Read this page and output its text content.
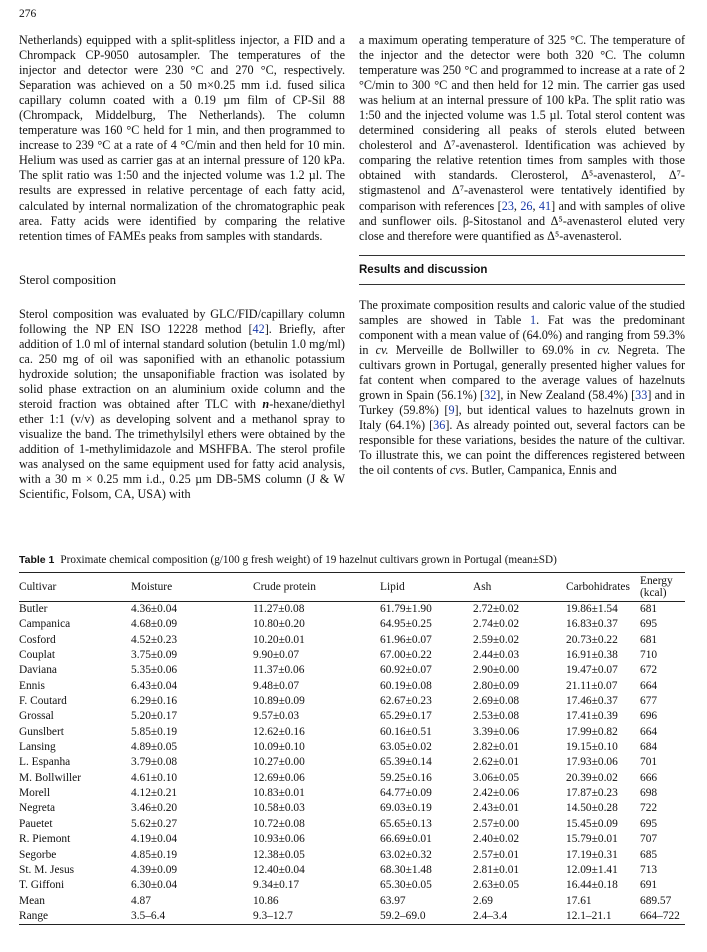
276

Netherlands) equipped with a split-splitless injector, a FID and a Chrompack CP-9050 autosampler. The temperatures of the injector and detector were 230 °C and 270 °C, respectively. Separation was achieved on a 50 m×0.25 mm i.d. fused silica capillary column coated with a 0.19 µm film of CP-Sil 88 (Chrompack, Middelburg, The Netherlands). The column temperature was 160 °C held for 1 min, and then programmed to increase to 239 °C at a rate of 4 °C/min and then held for 10 min. Helium was used as carrier gas at an internal pressure of 120 kPa. The split ratio was 1:50 and the injected volume was 1.2 µl. The results are expressed in relative percentage of each fatty acid, calculated by internal normalization of the chromatographic peak area. Fatty acids were identified by comparing the relative retention times of FAMEs peaks from samples with standards.

Sterol composition

Sterol composition was evaluated by GLC/FID/capillary column following the NP EN ISO 12228 method [42]. Briefly, after addition of 1.0 ml of internal standard solution (betulin 1.0 mg/ml) ca. 250 mg of oil was saponified with an ethanolic potassium hydroxide solution; the unsaponifiable fraction was isolated by solid phase extraction on an aluminium oxide column and the steroid fraction was obtained after TLC with n-hexane/diethyl ether 1:1 (v/v) as developing solvent and a methanol spray to visualize the band. The trimethylsilyl ethers were obtained by the addition of 1-methylimidazole and MSHFBA. The sterol profile was analysed on the same equipment used for fatty acid analysis, with a 30 m × 0.25 mm i.d., 0.25 µm DB-5MS column (J & W Scientific, Folsom, CA, USA) with

a maximum operating temperature of 325 °C. The temperature of the injector and the detector were both 320 °C. The column temperature was 250 °C and programmed to increase at a rate of 2 °C/min to 300 °C and then held for 12 min. The carrier gas used was helium at an internal pressure of 100 kPa. The split ratio was 1:50 and the injected volume was 1.5 µl. Total sterol content was determined considering all peaks of sterols eluted between cholesterol and Δ⁷-avenasterol. Identification was achieved by comparing the relative retention times from samples with those obtained with standards. Clerosterol, Δ⁵-avenasterol, Δ⁷-stigmastenol and Δ⁷-avenasterol were tentatively identified by comparison with references [23, 26, 41] and with samples of olive and sunflower oils. β-Sitostanol and Δ⁵-avenasterol eluted very close and therefore were quantified as Δ⁵-avenasterol.

Results and discussion

The proximate composition results and caloric value of the studied samples are showed in Table 1. Fat was the predominant component with a mean value of (64.0%) and ranging from 59.3% in cv. Merveille de Bollwiller to 69.0% in cv. Negreta. The cultivars grown in Portugal, generally presented higher values for fat content when compared to the average values of hazelnuts grown in Spain (56.1%) [32], in New Zealand (58.4%) [33] and in Turkey (59.8%) [9], but identical values to hazelnuts grown in Italy (64.1%) [36]. As already pointed out, several factors can be responsible for these variations, besides the nature of the cultivar. To illustrate this, we can point the differences registered between the oil contents of cvs. Butler, Campanica, Ennis and

Table 1 Proximate chemical composition (g/100 g fresh weight) of 19 hazelnut cultivars grown in Portugal (mean±SD)

Cultivar	Moisture	Crude protein	Lipid	Ash	Carbohidrates	Energy (kcal)
Butler	4.36±0.04	11.27±0.08	61.79±1.90	2.72±0.02	19.86±1.54	681
Campanica	4.68±0.09	10.80±0.20	64.95±0.25	2.74±0.02	16.83±0.37	695
Cosford	4.52±0.23	10.20±0.01	61.96±0.07	2.59±0.02	20.73±0.22	681
Couplat	3.75±0.09	9.90±0.07	67.00±0.22	2.44±0.03	16.91±0.38	710
Daviana	5.35±0.06	11.37±0.06	60.92±0.07	2.90±0.00	19.47±0.07	672
Ennis	6.43±0.04	9.48±0.07	60.19±0.08	2.80±0.09	21.11±0.07	664
F. Coutard	6.29±0.16	10.89±0.09	62.67±0.23	2.69±0.08	17.46±0.37	677
Grossal	5.20±0.17	9.57±0.03	65.29±0.17	2.53±0.08	17.41±0.39	696
Gunslbert	5.85±0.19	12.62±0.16	60.16±0.51	3.39±0.06	17.99±0.82	664
Lansing	4.89±0.05	10.09±0.10	63.05±0.02	2.82±0.01	19.15±0.10	684
L. Espanha	3.79±0.08	10.27±0.00	65.39±0.14	2.62±0.01	17.93±0.06	701
M. Bollwiller	4.61±0.10	12.69±0.06	59.25±0.16	3.06±0.05	20.39±0.02	666
Morell	4.12±0.21	10.83±0.01	64.77±0.09	2.42±0.06	17.87±0.23	698
Negreta	3.46±0.20	10.58±0.03	69.03±0.19	2.43±0.01	14.50±0.28	722
Pauetet	5.62±0.27	10.72±0.08	65.65±0.13	2.57±0.00	15.45±0.09	695
R. Piemont	4.19±0.04	10.93±0.06	66.69±0.01	2.40±0.02	15.79±0.01	707
Segorbe	4.85±0.19	12.38±0.05	63.02±0.32	2.57±0.01	17.19±0.31	685
St. M. Jesus	4.39±0.09	12.40±0.04	68.30±1.48	2.81±0.01	12.09±1.41	713
T. Giffoni	6.30±0.04	9.34±0.17	65.30±0.05	2.63±0.05	16.44±0.18	691
Mean	4.87	10.86	63.97	2.69	17.61	689.57
Range	3.5–6.4	9.3–12.7	59.2–69.0	2.4–3.4	12.1–21.1	664–722
